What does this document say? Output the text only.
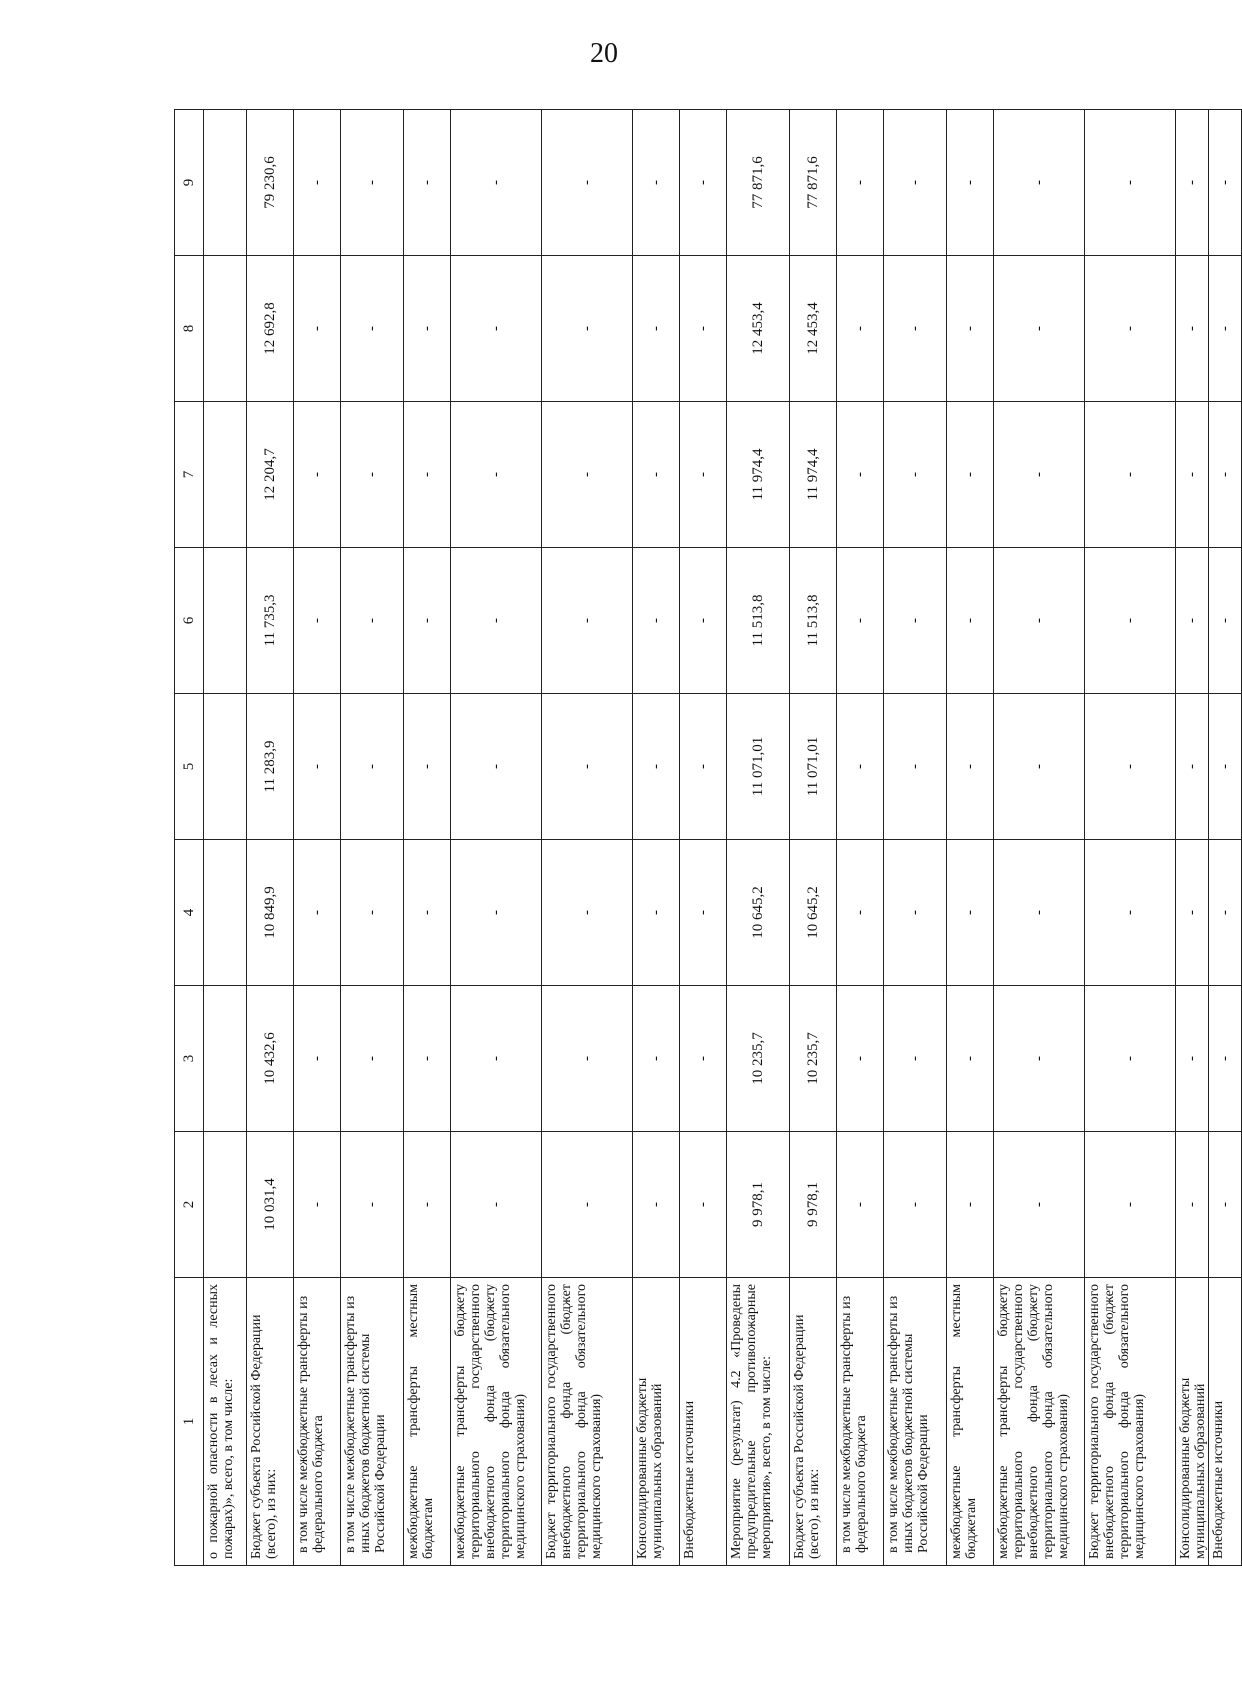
20
1	2	3	4	5	6	7	8	9
о пожарной опасности в лесах и лесных пожарах)», всего, в том числе:								
Бюджет субъекта Российской Федерации (всего), из них:	10 031,4	10 432,6	10 849,9	11 283,9	11 735,3	12 204,7	12 692,8	79 230,6
в том числе межбюджетные трансферты из федерального бюджета	-	-	-	-	-	-	-	-
в том числе межбюджетные трансферты из иных бюджетов бюджетной системы Российской Федерации	-	-	-	-	-	-	-	-
межбюджетные трансферты местным бюджетам	-	-	-	-	-	-	-	-
межбюджетные трансферты бюджету территориального государственного внебюджетного фонда (бюджету территориального фонда обязательного медицинского страхования)	-	-	-	-	-	-	-	-
Бюджет территориального государственного внебюджетного фонда (бюджет территориального фонда обязательного медицинского страхования)	-	-	-	-	-	-	-	-
Консолидированные бюджеты муниципальных образований	-	-	-	-	-	-	-	-
Внебюджетные источники	-	-	-	-	-	-	-	-
Мероприятие (результат) 4.2 «Проведены предупредительные противопожарные мероприятия», всего, в том числе:	9 978,1	10 235,7	10 645,2	11 071,01	11 513,8	11 974,4	12 453,4	77 871,6
Бюджет субъекта Российской Федерации (всего), из них:	9 978,1	10 235,7	10 645,2	11 071,01	11 513,8	11 974,4	12 453,4	77 871,6
в том числе межбюджетные трансферты из федерального бюджета	-	-	-	-	-	-	-	-
в том числе межбюджетные трансферты из иных бюджетов бюджетной системы Российской Федерации	-	-	-	-	-	-	-	-
межбюджетные трансферты местным бюджетам	-	-	-	-	-	-	-	-
межбюджетные трансферты бюджету территориального государственного внебюджетного фонда (бюджету территориального фонда обязательного медицинского страхования)	-	-	-	-	-	-	-	-
Бюджет территориального государственного внебюджетного фонда (бюджет территориального фонда обязательного медицинского страхования)	-	-	-	-	-	-	-	-
Консолидированные бюджеты муниципальных образований	-	-	-	-	-	-	-	-
Внебюджетные источники	-	-	-	-	-	-	-	-
